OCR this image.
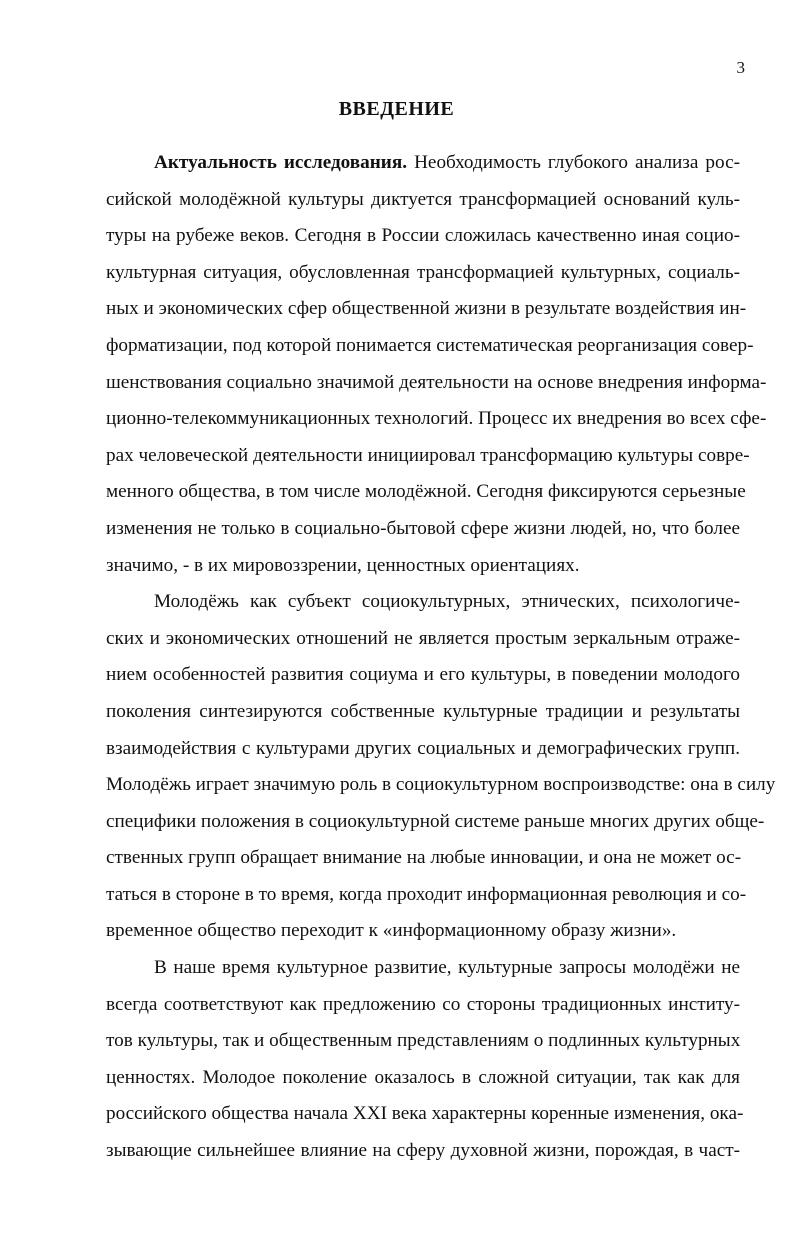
3
ВВЕДЕНИЕ

Актуальность исследования. Необходимость глубокого анализа рос-
сийской молодёжной культуры диктуется трансформацией оснований куль-
туры на рубеже веков. Сегодня в России сложилась качественно иная социо-
культурная ситуация, обусловленная трансформацией культурных, социаль-
ных и экономических сфер общественной жизни в результате воздействия ин-
форматизации, под которой понимается систематическая реорганизация совер-
шенствования социально значимой деятельности на основе внедрения информа-
ционно-телекоммуникационных технологий. Процесс их внедрения во всех сфе-
рах человеческой деятельности инициировал трансформацию культуры совре-
менного общества, в том числе молодёжной. Сегодня фиксируются серьезные
изменения не только в социально-бытовой сфере жизни людей, но, что более
значимо, - в их мировоззрении, ценностных ориентациях.

Молодёжь как субъект социокультурных, этнических, психологиче-
ских и экономических отношений не является простым зеркальным отраже-
нием особенностей развития социума и его культуры, в поведении молодого
поколения синтезируются собственные культурные традиции и результаты
взаимодействия с культурами других социальных и демографических групп.
Молодёжь играет значимую роль в социокультурном воспроизводстве: она в силу
специфики положения в социокультурной системе раньше многих других обще-
ственных групп обращает внимание на любые инновации, и она не может ос-
таться в стороне в то время, когда проходит информационная революция и со-
временное общество переходит к «информационному образу жизни».

В наше время культурное развитие, культурные запросы молодёжи не
всегда соответствуют как предложению со стороны традиционных институ-
тов культуры, так и общественным представлениям о подлинных культурных
ценностях. Молодое поколение оказалось в сложной ситуации, так как для
российского общества начала XXI века характерны коренные изменения, ока-
зывающие сильнейшее влияние на сферу духовной жизни, порождая, в част-
